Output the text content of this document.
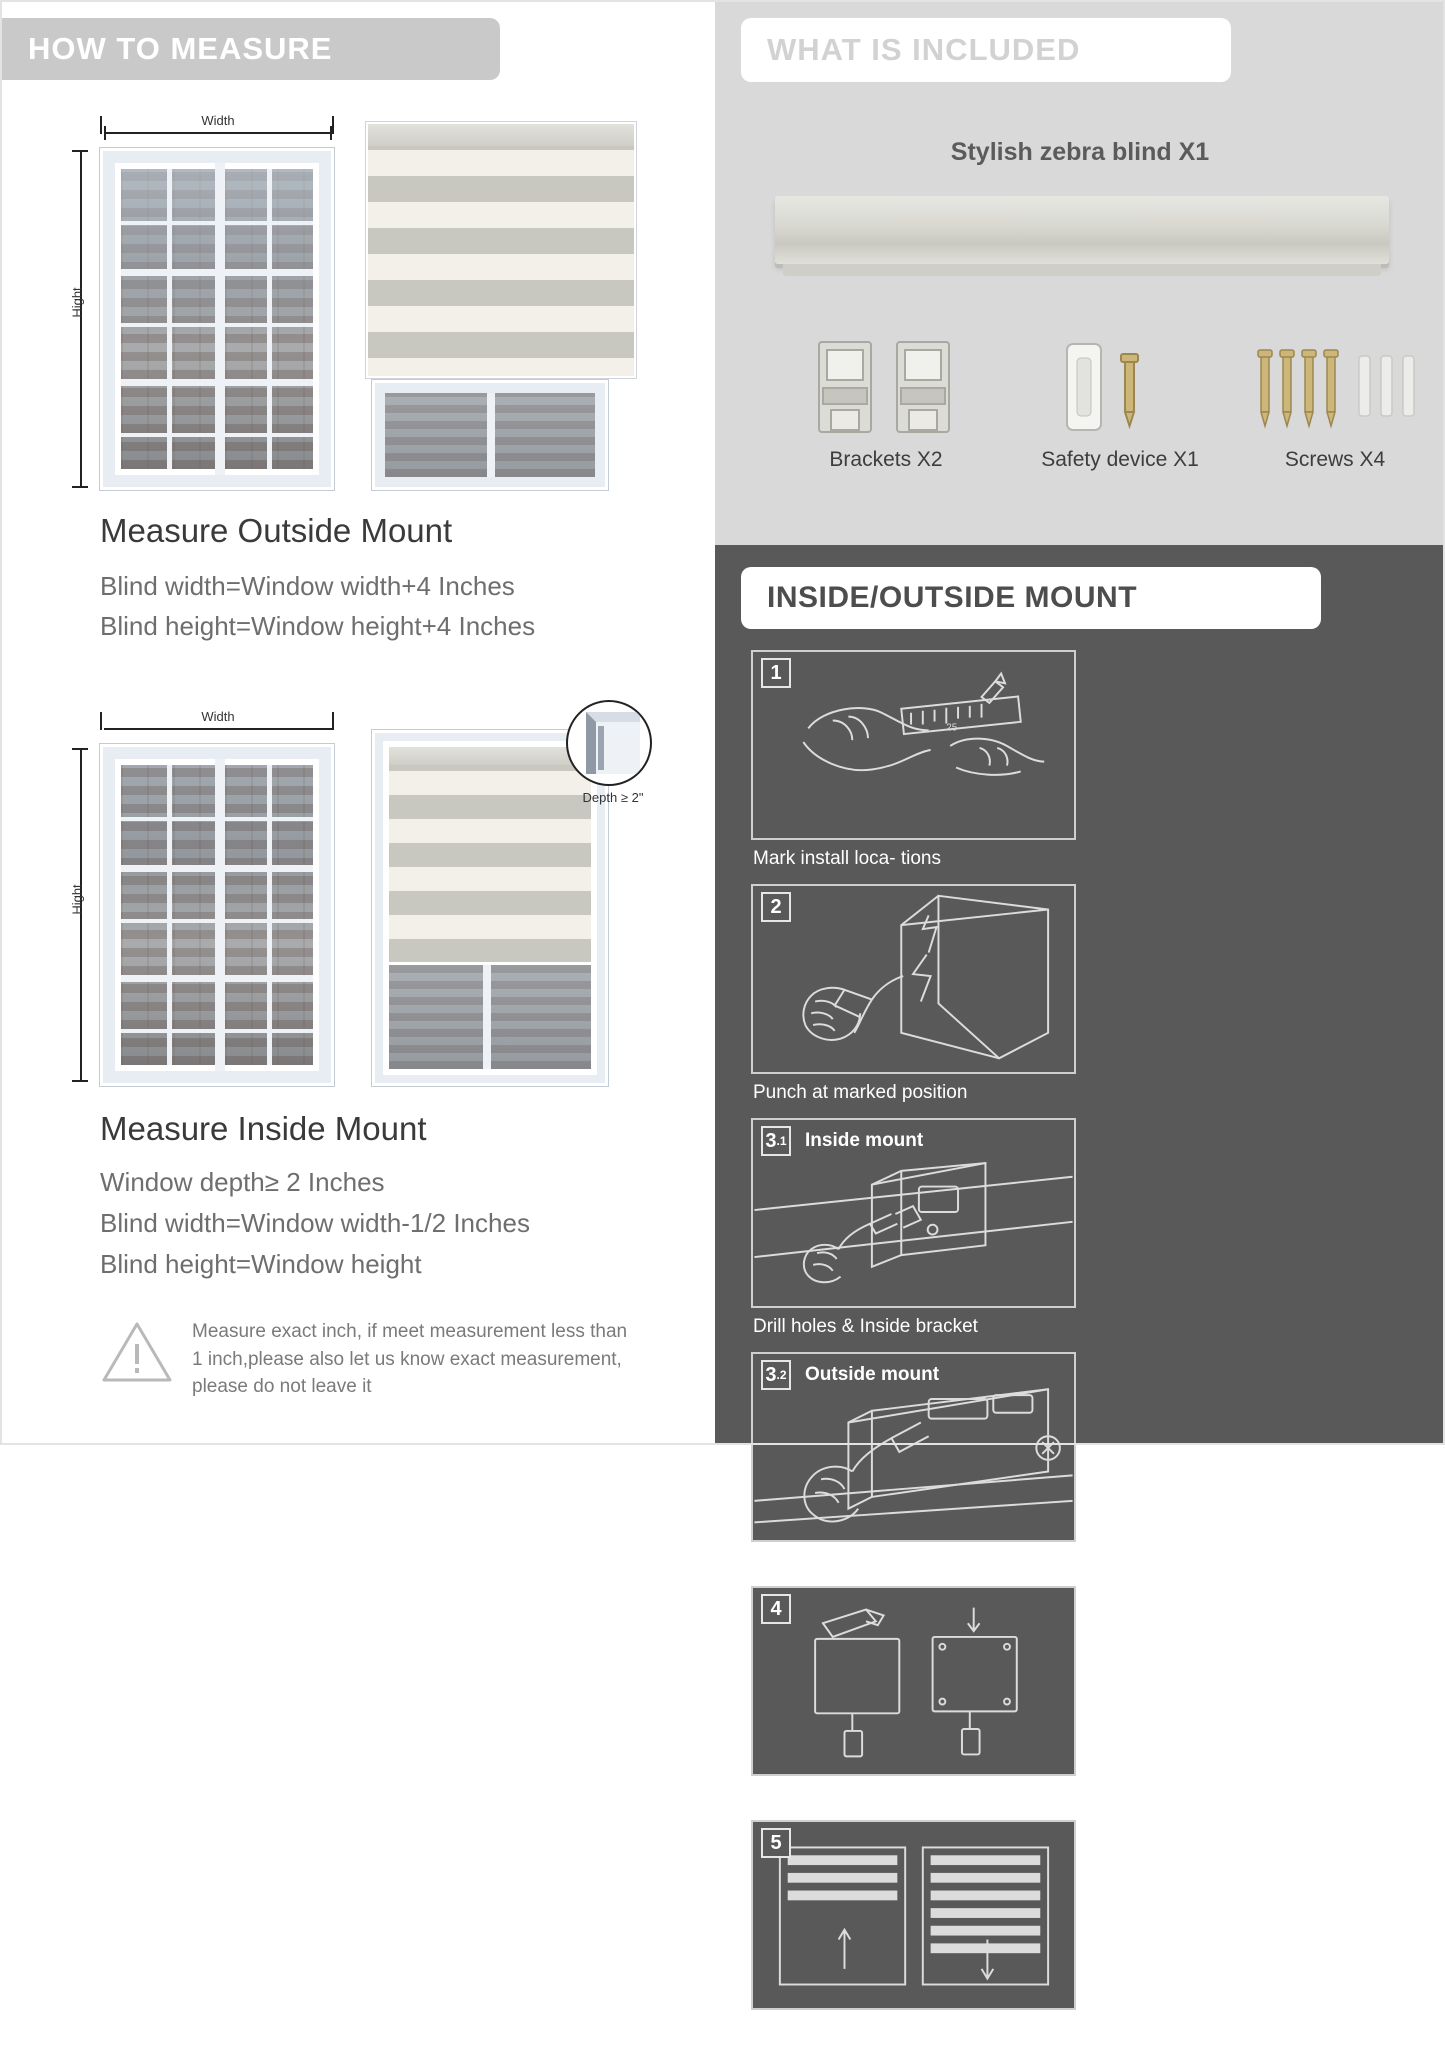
HOW TO MEASURE
Width
Hight
Measure Outside Mount
Blind width=Window width+4 Inches
Blind height=Window height+4 Inches
Width
Hight
Depth ≥ 2"
Measure Inside Mount
Window depth≥ 2 Inches
Blind width=Window width-1/2 Inches
Blind height=Window height
Measure exact inch, if meet measurement less than 1 inch,please also let us know exact measurement, please do not leave it
WHAT IS INCLUDED
Stylish zebra blind X1
Brackets X2	Safety device X1	Screws X4
INSIDE/OUTSIDE MOUNT
1
25
Mark install loca- tions
2
Punch at marked position
3 .1 Inside mount
Drill holes & Inside bracket
3 .2 Outside mount
Drill holes & Inside bracket
4
Install the blind
5
Finish
